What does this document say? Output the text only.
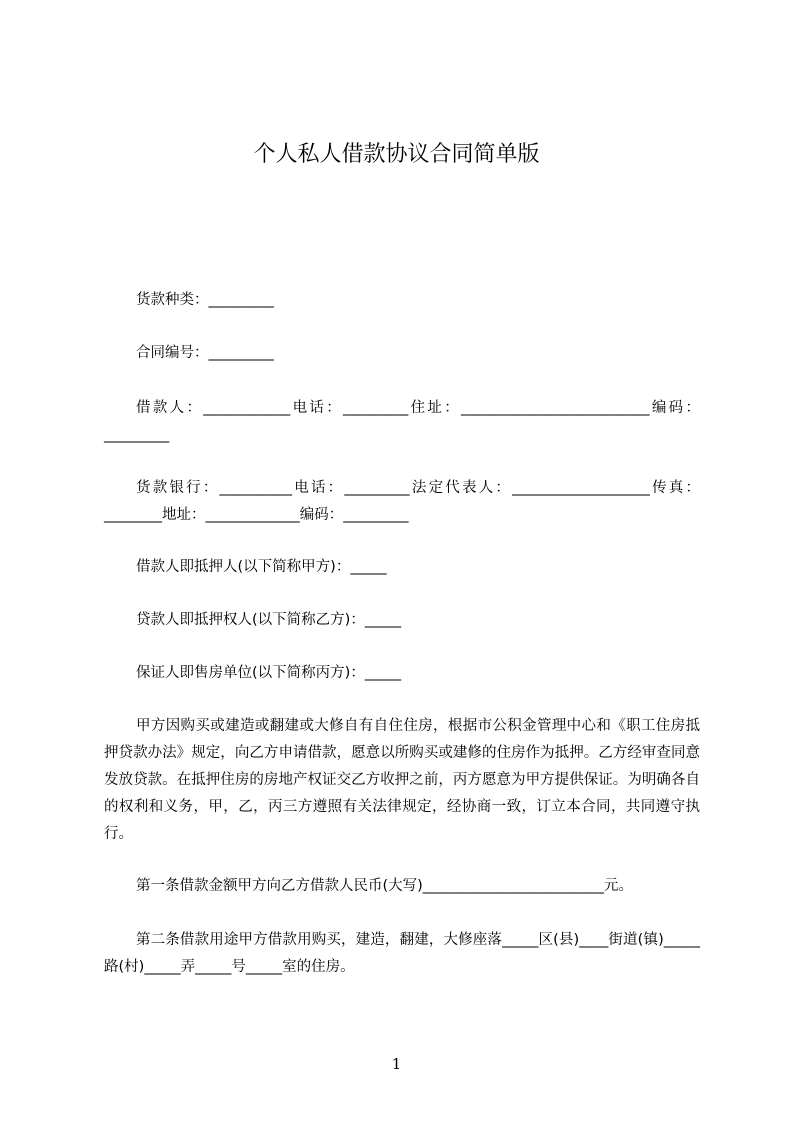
个人私人借款协议合同简单版

货款种类：_________

合同编号：_________

借款人：____________电话：_________住址：__________________________编码：_________

货款银行：__________电话：_________法定代表人：___________________传真：________地址：_____________编码：_________

借款人即抵押人(以下简称甲方)：_____

贷款人即抵押权人(以下简称乙方)：_____

保证人即售房单位(以下简称丙方)：_____

甲方因购买或建造或翻建或大修自有自住住房，根据市公积金管理中心和《职工住房抵押贷款办法》规定，向乙方申请借款，愿意以所购买或建修的住房作为抵押。乙方经审查同意发放贷款。在抵押住房的房地产权证交乙方收押之前，丙方愿意为甲方提供保证。为明确各自的权利和义务，甲，乙，丙三方遵照有关法律规定，经协商一致，订立本合同，共同遵守执行。

第一条借款金额甲方向乙方借款人民币(大写)_________________________元。

第二条借款用途甲方借款用购买，建造，翻建，大修座落_____区(县)____街道(镇)_____路(村)_____弄_____号_____室的住房。

1
